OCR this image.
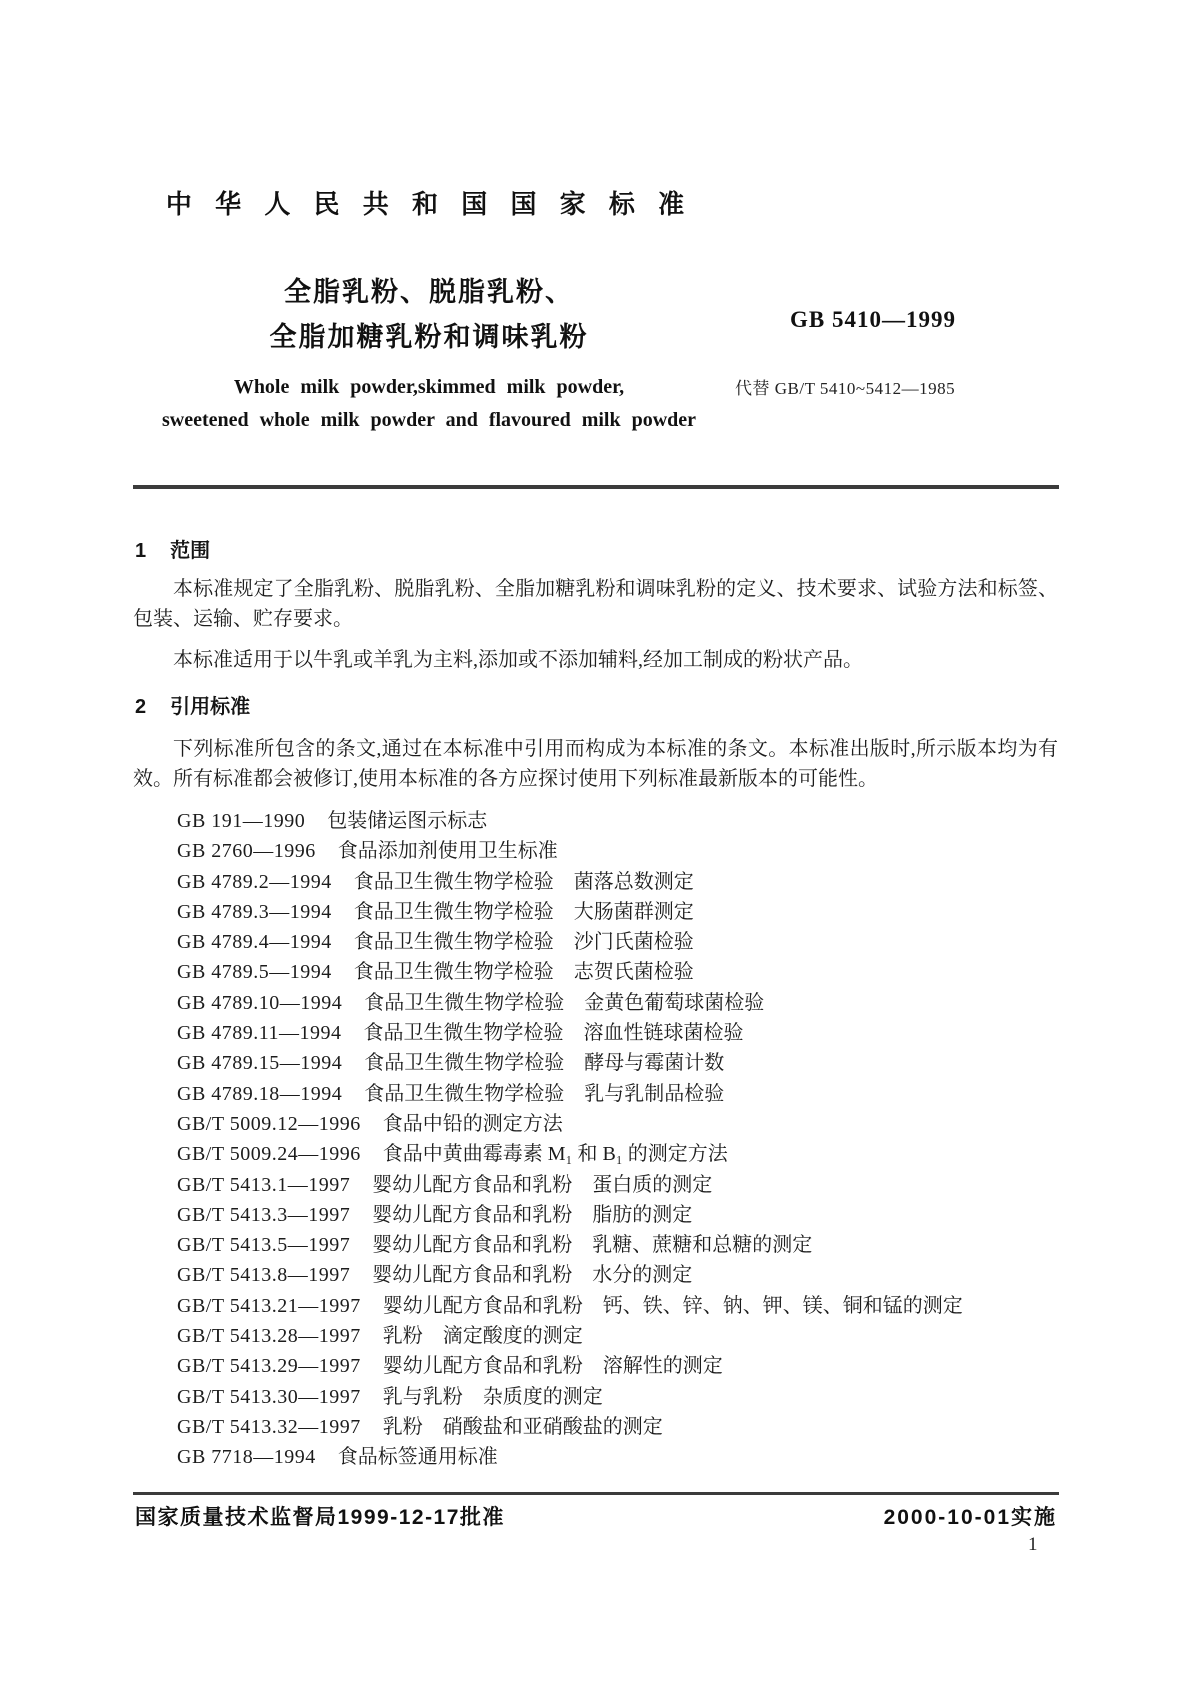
中 华 人 民 共 和 国 国 家 标 准
全脂乳粉、脱脂乳粉、
全脂加糖乳粉和调味乳粉
Whole milk powder,skimmed milk powder,
sweetened whole milk powder and flavoured milk powder
GB 5410—1999
代替 GB/T 5410~5412—1985
1 范围
本标准规定了全脂乳粉、脱脂乳粉、全脂加糖乳粉和调味乳粉的定义、技术要求、试验方法和标签、包装、运输、贮存要求。
本标准适用于以牛乳或羊乳为主料,添加或不添加辅料,经加工制成的粉状产品。
2 引用标准
下列标准所包含的条文,通过在本标准中引用而构成为本标准的条文。本标准出版时,所示版本均为有效。所有标准都会被修订,使用本标准的各方应探讨使用下列标准最新版本的可能性。
GB 191—1990 包装储运图示标志
GB 2760—1996 食品添加剂使用卫生标准
GB 4789.2—1994 食品卫生微生物学检验　菌落总数测定
GB 4789.3—1994 食品卫生微生物学检验　大肠菌群测定
GB 4789.4—1994 食品卫生微生物学检验　沙门氏菌检验
GB 4789.5—1994 食品卫生微生物学检验　志贺氏菌检验
GB 4789.10—1994 食品卫生微生物学检验　金黄色葡萄球菌检验
GB 4789.11—1994 食品卫生微生物学检验　溶血性链球菌检验
GB 4789.15—1994 食品卫生微生物学检验　酵母与霉菌计数
GB 4789.18—1994 食品卫生微生物学检验　乳与乳制品检验
GB/T 5009.12—1996 食品中铅的测定方法
GB/T 5009.24—1996 食品中黄曲霉毒素 M₁ 和 B₁ 的测定方法
GB/T 5413.1—1997 婴幼儿配方食品和乳粉　蛋白质的测定
GB/T 5413.3—1997 婴幼儿配方食品和乳粉　脂肪的测定
GB/T 5413.5—1997 婴幼儿配方食品和乳粉　乳糖、蔗糖和总糖的测定
GB/T 5413.8—1997 婴幼儿配方食品和乳粉　水分的测定
GB/T 5413.21—1997 婴幼儿配方食品和乳粉　钙、铁、锌、钠、钾、镁、铜和锰的测定
GB/T 5413.28—1997 乳粉　滴定酸度的测定
GB/T 5413.29—1997 婴幼儿配方食品和乳粉　溶解性的测定
GB/T 5413.30—1997 乳与乳粉　杂质度的测定
GB/T 5413.32—1997 乳粉　硝酸盐和亚硝酸盐的测定
GB 7718—1994 食品标签通用标准
国家质量技术监督局1999-12-17批准	2000-10-01实施
1
